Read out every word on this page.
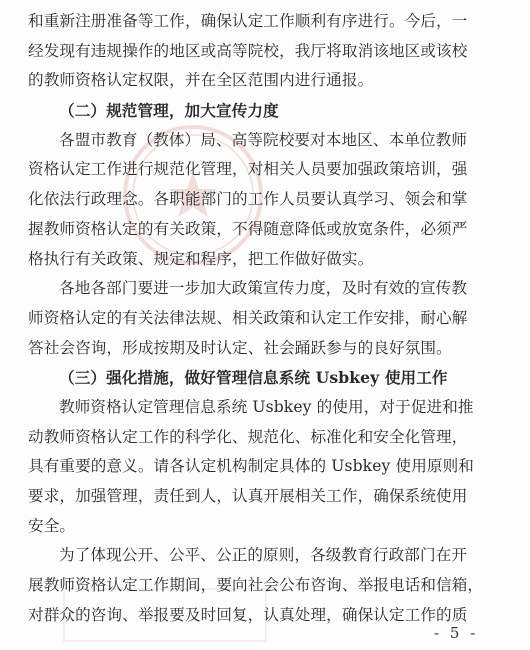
和重新注册准备等工作，确保认定工作顺利有序进行。今后，一
经发现有违规操作的地区或高等院校，我厅将取消该地区或该校
的教师资格认定权限，并在全区范围内进行通报。
（二）规范管理，加大宣传力度
各盟市教育（教体）局、高等院校要对本地区、本单位教师
资格认定工作进行规范化管理，对相关人员要加强政策培训，强
化依法行政理念。各职能部门的工作人员要认真学习、领会和掌
握教师资格认定的有关政策，不得随意降低或放宽条件，必须严
格执行有关政策、规定和程序，把工作做好做实。
各地各部门要进一步加大政策宣传力度，及时有效的宣传教
师资格认定的有关法律法规、相关政策和认定工作安排，耐心解
答社会咨询，形成按期及时认定、社会踊跃参与的良好氛围。
（三）强化措施，做好管理信息系统 Usbkey 使用工作
教师资格认定管理信息系统 Usbkey 的使用，对于促进和推
动教师资格认定工作的科学化、规范化、标准化和安全化管理，
具有重要的意义。请各认定机构制定具体的 Usbkey 使用原则和
要求，加强管理，责任到人，认真开展相关工作，确保系统使用
安全。
为了体现公开、公平、公正的原则，各级教育行政部门在开
展教师资格认定工作期间，要向社会公布咨询、举报电话和信箱，
对群众的咨询、举报要及时回复，认真处理，确保认定工作的质
- 5 -
